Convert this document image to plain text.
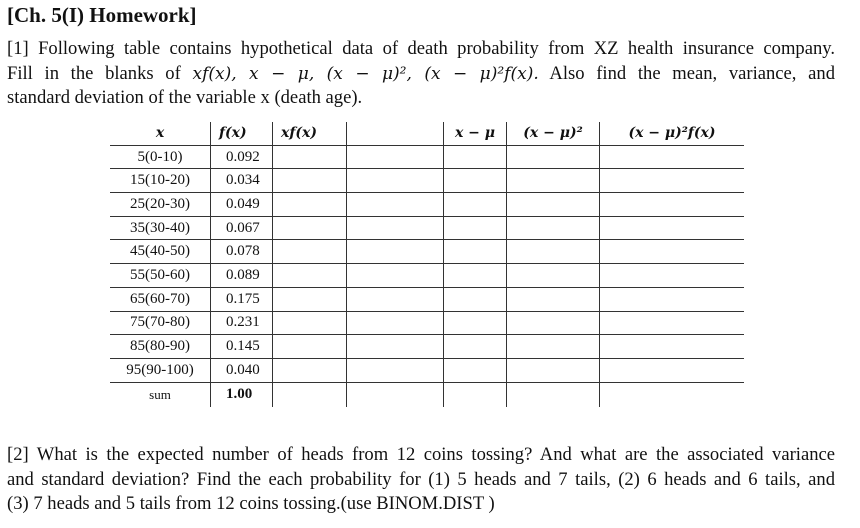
[Ch. 5(I) Homework]
[1] Following table contains hypothetical data of death probability from XZ health insurance company.
Fill in the blanks of xf(x), x − μ, (x − μ)², (x − μ)²f(x). Also find the mean, variance, and
standard deviation of the variable x (death age).
x	f(x)	xf(x)		x − μ	(x − μ)²	(x − μ)²f(x)
5(0-10)	0.092					
15(10-20)	0.034					
25(20-30)	0.049					
35(30-40)	0.067					
45(40-50)	0.078					
55(50-60)	0.089					
65(60-70)	0.175					
75(70-80)	0.231					
85(80-90)	0.145					
95(90-100)	0.040					
sum	1.00					
[2] What is the expected number of heads from 12 coins tossing? And what are the associated variance
and standard deviation? Find the each probability for (1) 5 heads and 7 tails, (2) 6 heads and 6 tails, and
(3) 7 heads and 5 tails from 12 coins tossing.(use BINOM.DIST )
